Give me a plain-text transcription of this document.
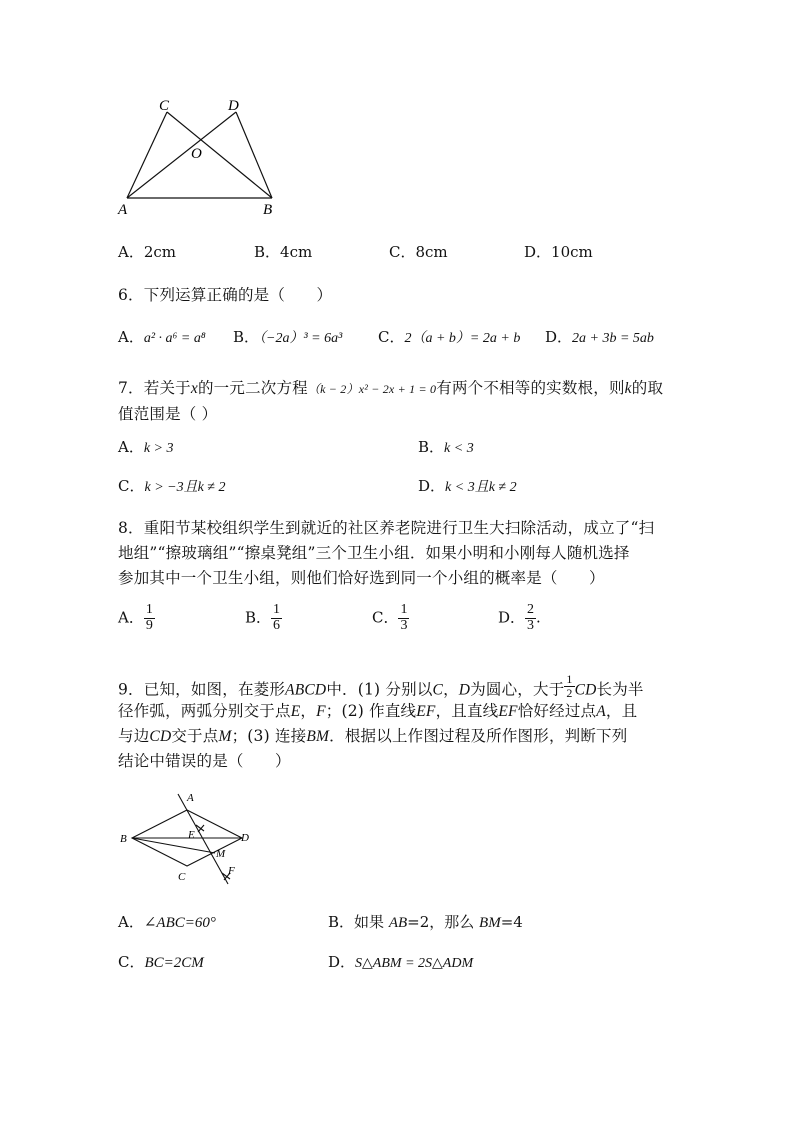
C	D
O
A	B
A．2cm	B．4cm	C．8cm	D．10cm
6．下列运算正确的是（　　）
A．a² · a⁶ = a⁸ B．（−2a）³ = 6a³ C．2（a + b）= 2a + b D．2a + 3b = 5ab
7．若关于x的一元二次方程（k − 2）x² − 2x + 1 = 0有两个不相等的实数根，则k的取
值范围是（ ）
A．k > 3	B．k < 3
C．k > −3且k ≠ 2	D．k < 3且k ≠ 2
8．重阳节某校组织学生到就近的社区养老院进行卫生大扫除活动，成立了“扫
地组”“擦玻璃组”“擦桌凳组”三个卫生小组．如果小明和小刚每人随机选择
参加其中一个卫生小组，则他们恰好选到同一个小组的概率是（　　）
A． $\frac{1}{9}$	B． $\frac{1}{6}$	C． $\frac{1}{3}$	D． $\frac{2}{3}$ .
9．已知，如图，在菱形ABCD中．(1) 分别以C，D为圆心，大于 $\frac{1}{2}$ CD长为半
径作弧，两弧分别交于点E，F；(2) 作直线EF，且直线EF恰好经过点A，且
与边CD交于点M；(3) 连接BM．根据以上作图过程及所作图形，判断下列
结论中错误的是（　　）
A
B
C
D
E
F
M
A．∠ABC=60°	B．如果 AB=2，那么 BM=4
C．BC=2CM	D．S△ABM = 2S△ADM
